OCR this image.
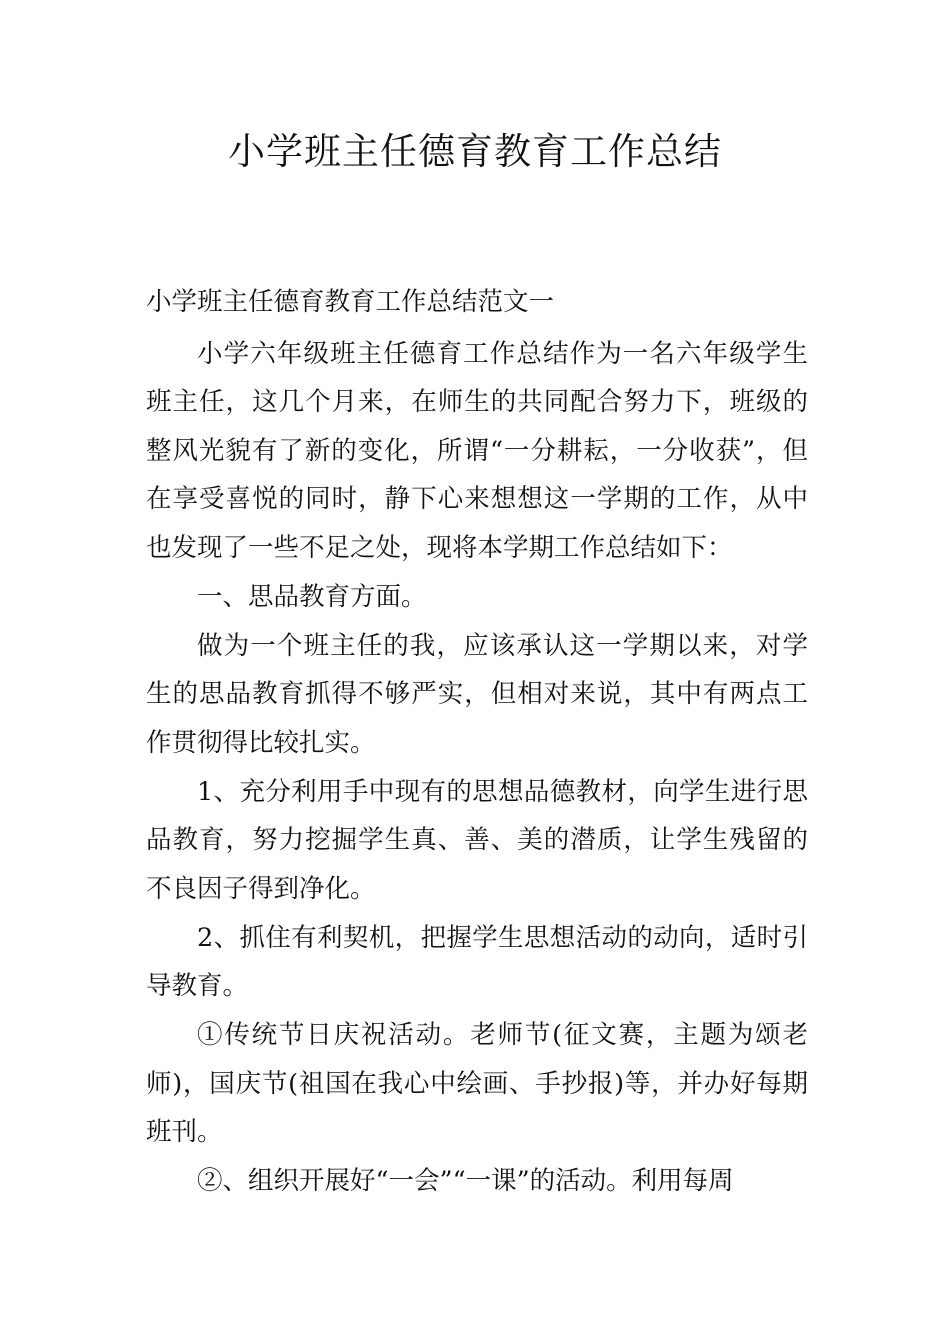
小学班主任德育教育工作总结

小学班主任德育教育工作总结范文一

小学六年级班主任德育工作总结作为一名六年级学生班主任，这几个月来，在师生的共同配合努力下，班级的整风光貌有了新的变化，所谓“一分耕耘，一分收获”，但在享受喜悦的同时，静下心来想想这一学期的工作，从中也发现了一些不足之处，现将本学期工作总结如下：

一、思品教育方面。

做为一个班主任的我，应该承认这一学期以来，对学生的思品教育抓得不够严实，但相对来说，其中有两点工作贯彻得比较扎实。

1、充分利用手中现有的思想品德教材，向学生进行思品教育，努力挖掘学生真、善、美的潜质，让学生残留的不良因子得到净化。

2、抓住有利契机，把握学生思想活动的动向，适时引导教育。

①传统节日庆祝活动。老师节(征文赛，主题为颂老师)，国庆节(祖国在我心中绘画、手抄报)等，并办好每期班刊。

②、组织开展好“一会”“一课”的活动。利用每周
